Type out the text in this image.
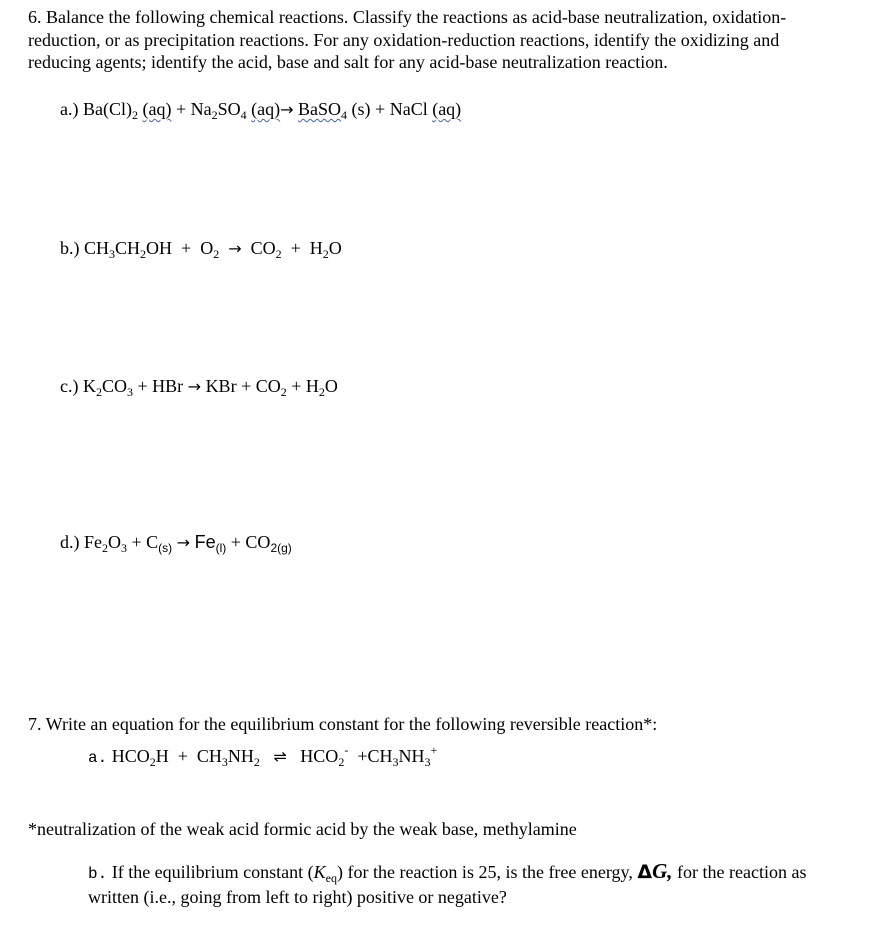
6. Balance the following chemical reactions. Classify the reactions as acid-base neutralization, oxidation-reduction, or as precipitation reactions. For any oxidation-reduction reactions, identify the oxidizing and reducing agents; identify the acid, base and salt for any acid-base neutralization reaction.
a.) $Ba(Cl)_2$ $(aq) + Na_2SO_4$ (aq)→ BaSO$_4$ (s) + NaCl (aq)
b.) $CH_3CH_2OH + O_2 \to CO_2 + H_2O$
c.) $K_2CO_3$ + HBr → KBr + $CO_2 + H_2O$
d.) $Fe_2O_3 + C_{(s)} \to Fe_{(l)} + CO_{2(g)}$
7. Write an equation for the equilibrium constant for the following reversible reaction*:
a. $HCO_2H + CH_3NH_2$ ⇌ $HCO_2^- +CH_3NH_3^+$
*neutralization of the weak acid formic acid by the weak base, methylamine
b. If the equilibrium constant $(K_{eq})$ for the reaction is 25, is the free energy, ΔG, for the reaction as written (i.e., going from left to right) positive or negative?
